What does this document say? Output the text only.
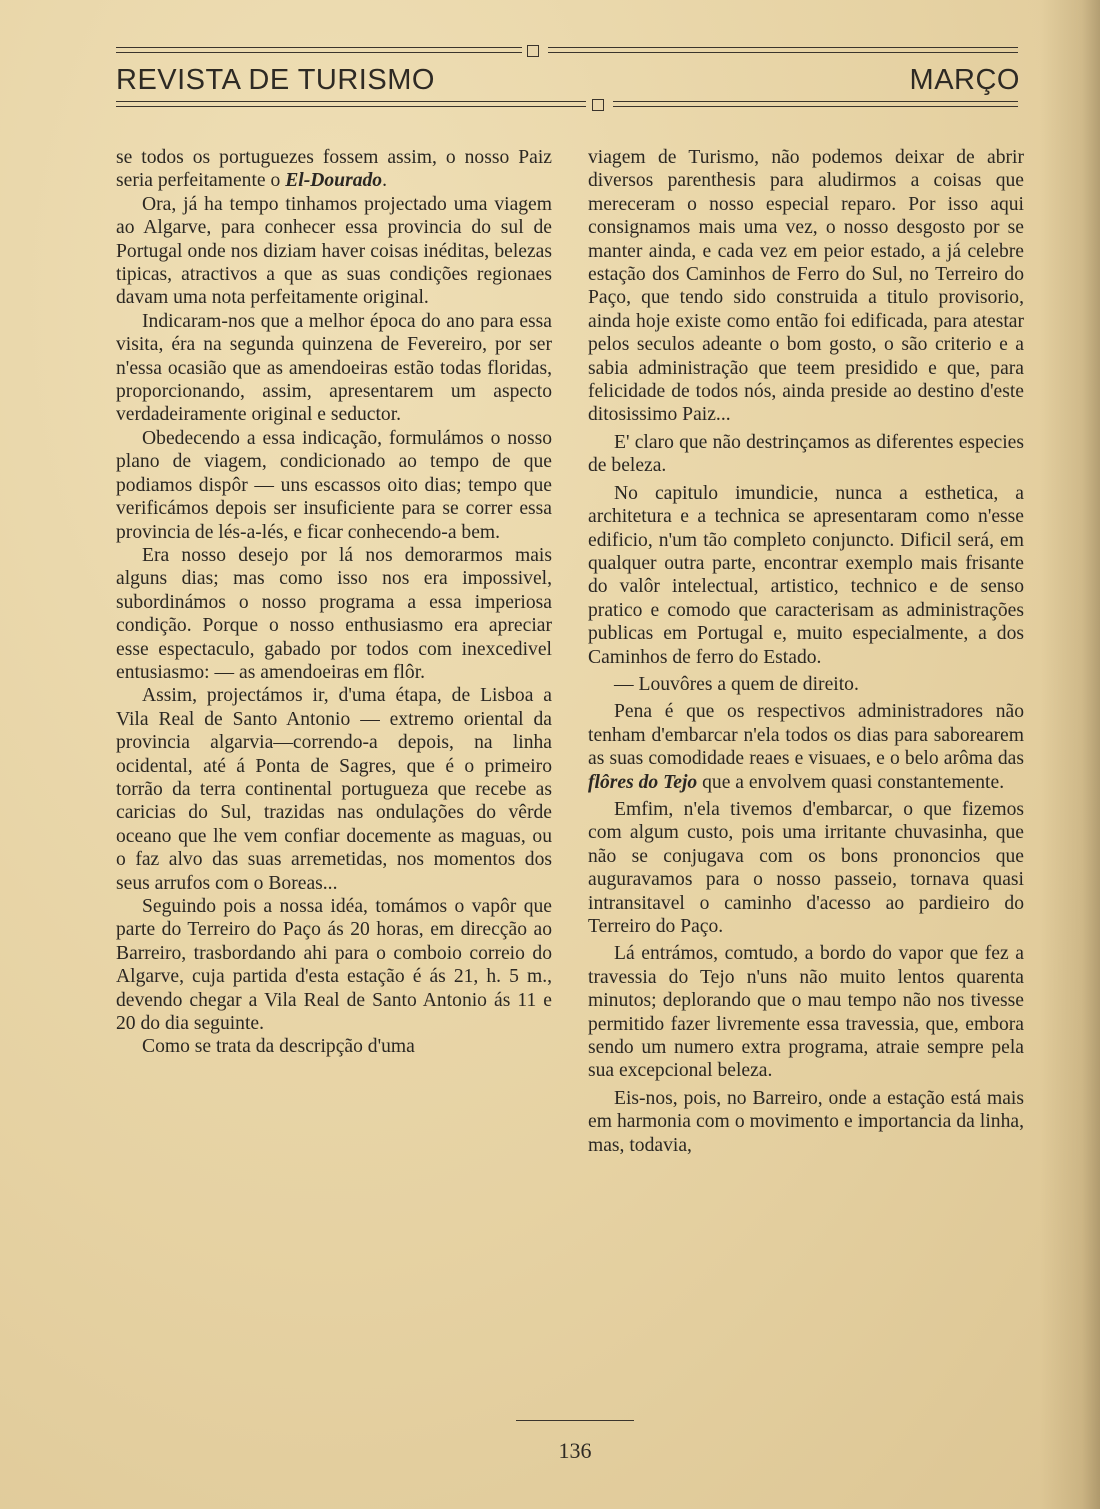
REVISTA DE TURISMO	MARÇO

se todos os portuguezes fossem assim, o nosso Paiz seria perfeitamente o El-Dourado.

Ora, já ha tempo tinhamos projectado uma viagem ao Algarve, para conhecer essa provincia do sul de Portugal onde nos diziam haver coisas inéditas, belezas tipicas, atractivos a que as suas condições regionaes davam uma nota perfeitamente original.

Indicaram-nos que a melhor época do ano para essa visita, éra na segunda quinzena de Fevereiro, por ser n'essa ocasião que as amendoeiras estão todas floridas, proporcionando, assim, apresentarem um aspecto verdadeiramente original e seductor.

Obedecendo a essa indicação, formulámos o nosso plano de viagem, condicionado ao tempo de que podiamos dispôr — uns escassos oito dias; tempo que verificámos depois ser insuficiente para se correr essa provincia de lés-a-lés, e ficar conhecendo-a bem.

Era nosso desejo por lá nos demorarmos mais alguns dias; mas como isso nos era impossivel, subordinámos o nosso programa a essa imperiosa condição. Porque o nosso enthusiasmo era apreciar esse espectaculo, gabado por todos com inexcedivel entusiasmo: — as amendoeiras em flôr.

Assim, projectámos ir, d'uma étapa, de Lisboa a Vila Real de Santo Antonio — extremo oriental da provincia algarvia—correndo-a depois, na linha ocidental, até á Ponta de Sagres, que é o primeiro torrão da terra continental portugueza que recebe as caricias do Sul, trazidas nas ondulações do vêrde oceano que lhe vem confiar docemente as maguas, ou o faz alvo das suas arremetidas, nos momentos dos seus arrufos com o Boreas...

Seguindo pois a nossa idéa, tomámos o vapôr que parte do Terreiro do Paço ás 20 horas, em direcção ao Barreiro, trasbordando ahi para o comboio correio do Algarve, cuja partida d'esta estação é ás 21, h. 5 m., devendo chegar a Vila Real de Santo Antonio ás 11 e 20 do dia seguinte.

Como se trata da descripção d'uma

viagem de Turismo, não podemos deixar de abrir diversos parenthesis para aludirmos a coisas que mereceram o nosso especial reparo. Por isso aqui consignamos mais uma vez, o nosso desgosto por se manter ainda, e cada vez em peior estado, a já celebre estação dos Caminhos de Ferro do Sul, no Terreiro do Paço, que tendo sido construida a titulo provisorio, ainda hoje existe como então foi edificada, para atestar pelos seculos adeante o bom gosto, o são criterio e a sabia administração que teem presidido e que, para felicidade de todos nós, ainda preside ao destino d'este ditosissimo Paiz...

E' claro que não destrinçamos as diferentes especies de beleza.

No capitulo imundicie, nunca a esthetica, a architetura e a technica se apresentaram como n'esse edificio, n'um tão completo conjuncto. Dificil será, em qualquer outra parte, encontrar exemplo mais frisante do valôr intelectual, artistico, technico e de senso pratico e comodo que caracterisam as administrações publicas em Portugal e, muito especialmente, a dos Caminhos de ferro do Estado.

— Louvôres a quem de direito.

Pena é que os respectivos administradores não tenham d'embarcar n'ela todos os dias para saborearem as suas comodidade reaes e visuaes, e o belo arôma das flôres do Tejo que a envolvem quasi constantemente.

Emfim, n'ela tivemos d'embarcar, o que fizemos com algum custo, pois uma irritante chuvasinha, que não se conjugava com os bons prononcios que auguravamos para o nosso passeio, tornava quasi intransitavel o caminho d'acesso ao pardieiro do Terreiro do Paço.

Lá entrámos, comtudo, a bordo do vapor que fez a travessia do Tejo n'uns não muito lentos quarenta minutos; deplorando que o mau tempo não nos tivesse permitido fazer livremente essa travessia, que, embora sendo um numero extra programa, atraie sempre pela sua excepcional beleza.

Eis-nos, pois, no Barreiro, onde a estação está mais em harmonia com o movimento e importancia da linha, mas, todavia,

136
